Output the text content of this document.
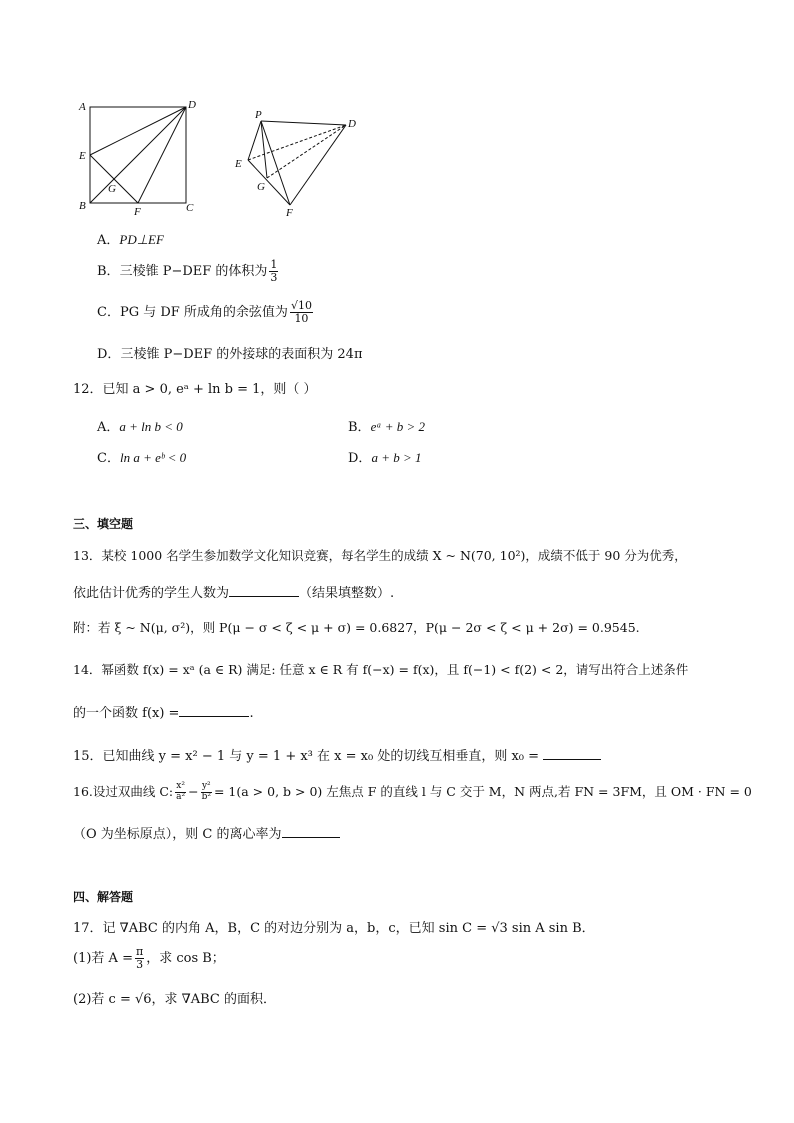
A	D
E
G
B	F	C
P
D
E
G
F
A．PD⊥EF
B．三棱锥 P−DEF 的体积为 $\frac{1}{3}$
C．PG 与 DF 所成角的余弦值为 $\frac{√10}{10}$
D．三棱锥 P−DEF 的外接球的表面积为 24π
12．已知 a > 0, eᵃ + ln b = 1，则（ ）
A．a + ln b < 0	B．eᵃ + b > 2
C．ln a + eᵇ < 0	D．a + b > 1
三、填空题
13．某校 1000 名学生参加数学文化知识竞赛，每名学生的成绩 X ~ N(70, 10²)，成绩不低于 90 分为优秀，
依此估计优秀的学生人数为	（结果填整数）.
附：若 ξ ~ N(μ, σ²)，则 P(μ − σ < ζ < μ + σ) = 0.6827，P(μ − 2σ < ζ < μ + 2σ) = 0.9545.
14．幂函数 f(x) = xᵃ (a ∈ R) 满足: 任意 x ∈ R 有 f(−x) = f(x)，且 f(−1) < f(2) < 2，请写出符合上述条件
的一个函数 f(x) =	.
15．已知曲线 y = x² − 1 与 y = 1 + x³ 在 x = x₀ 处的切线互相垂直，则 x₀ =
16.设过双曲线 C: $\frac{\text{x²}}{\text{a²}} - \frac{\text{y²}}{\text{b²}} = 1(a > 0$, b > 0) 左焦点 F 的直线 l 与 C 交于 M，N 两点,若 FN = 3FM，且 OM · FN = 0
（O 为坐标原点），则 C 的离心率为
四、解答题
17．记 ∇ABC 的内角 A，B，C 的对边分别为 a，b，c，已知 sin C = √3 sin A sin B．
(1)若 $A = \frac{\pi}{3}$ ，求 cos B；
(2)若 c = √6，求 ∇ABC 的面积．
